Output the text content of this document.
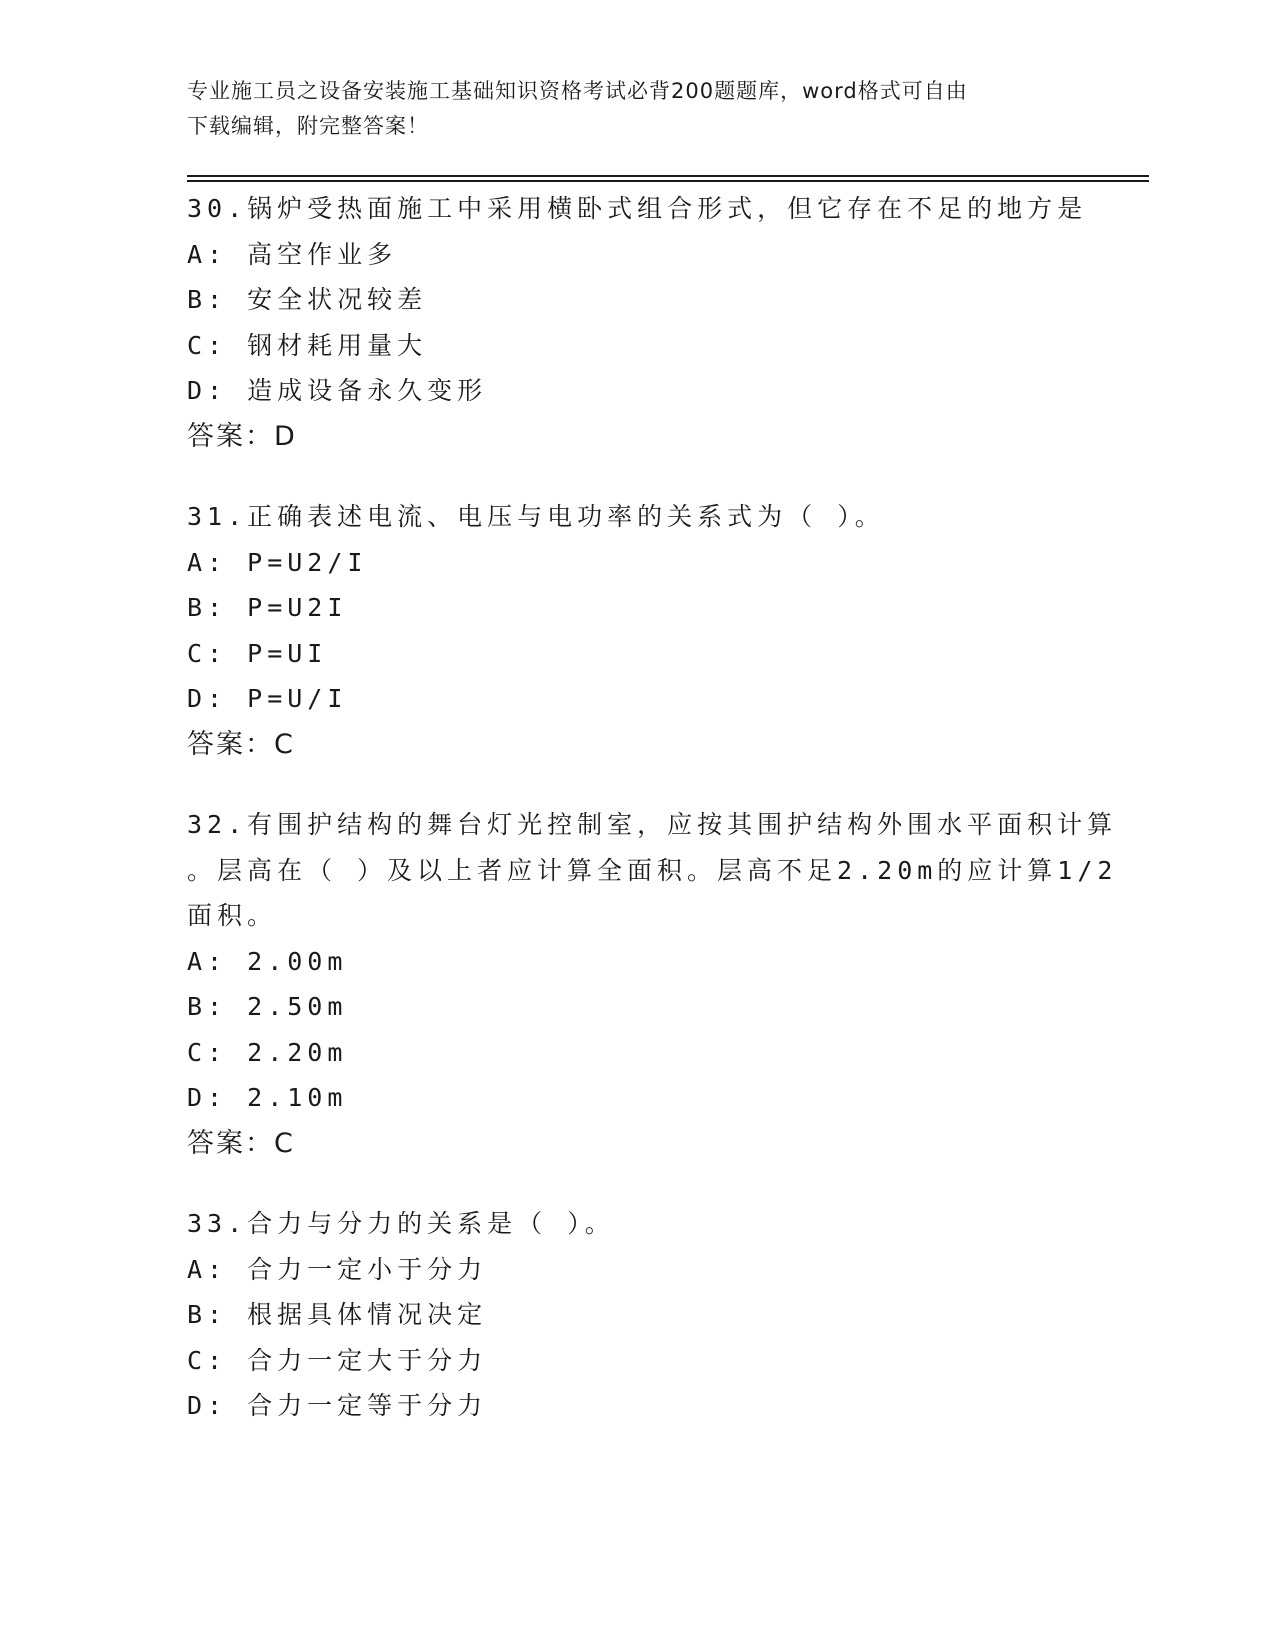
专业施工员之设备安装施工基础知识资格考试必背200题题库，word格式可自由
下载编辑，附完整答案！
30.锅炉受热面施工中采用横卧式组合形式，但它存在不足的地方是
A: 高空作业多
B: 安全状况较差
C: 钢材耗用量大
D: 造成设备永久变形
答案：D
31.正确表述电流、电压与电功率的关系式为（ ）。
A: P=U2/I
B: P=U2I
C: P=UI
D: P=U/I
答案：C
32.有围护结构的舞台灯光控制室，应按其围护结构外围水平面积计算
。层高在（ ）及以上者应计算全面积。层高不足2.20m的应计算1/2
面积。
A: 2.00m
B: 2.50m
C: 2.20m
D: 2.10m
答案：C
33.合力与分力的关系是（ ）。
A: 合力一定小于分力
B: 根据具体情况决定
C: 合力一定大于分力
D: 合力一定等于分力
